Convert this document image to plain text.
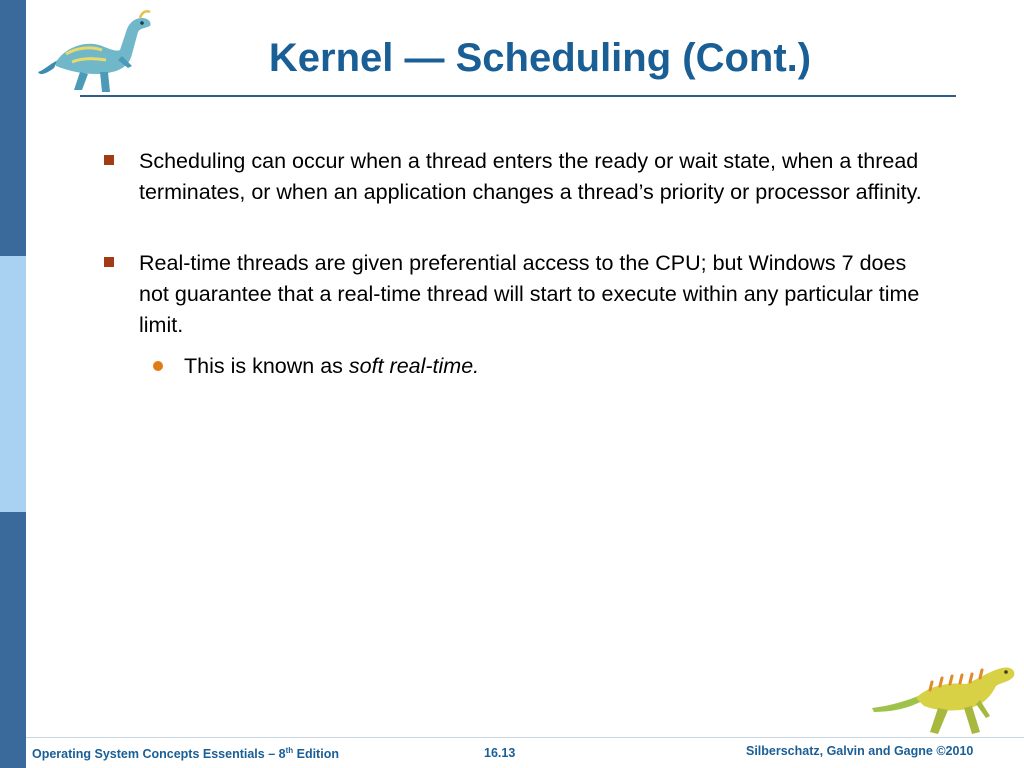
Kernel — Scheduling (Cont.)
Scheduling can occur when a thread enters the ready or wait state, when a thread terminates, or when an application changes a thread’s priority or processor affinity.
Real-time threads are given preferential access to the CPU; but Windows 7 does not guarantee that a real-time thread will start to execute within any particular time limit.
This is known as soft real-time.
Operating System Concepts Essentials – 8th Edition	16.13	Silberschatz, Galvin and Gagne ©2010
